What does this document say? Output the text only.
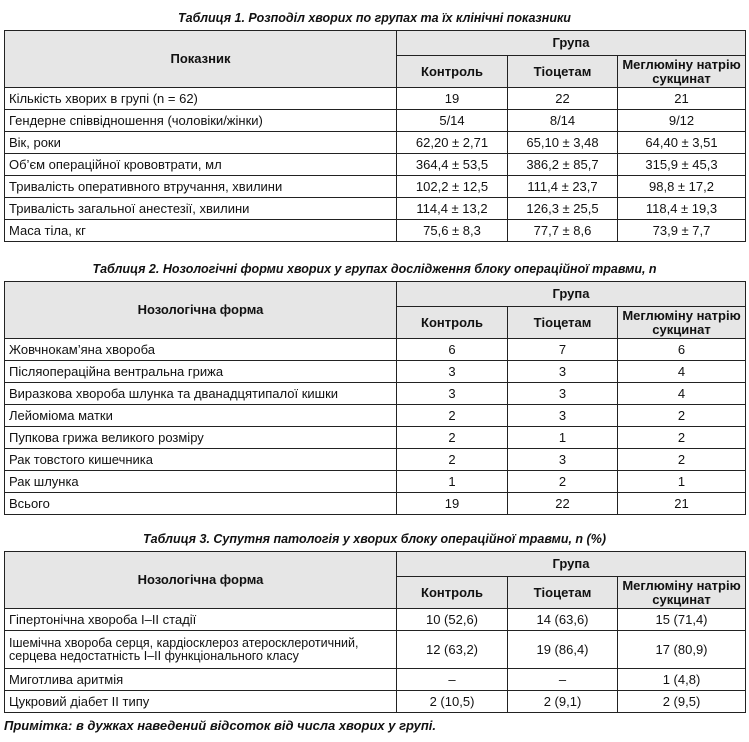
Таблиця 1. Розподіл хворих по групах та їх клінічні показники
Показник	Група		
	Контроль	Тіоцетам	Меглюміну натрію сукцинат
Кількість хворих в групі (n = 62)	19	22	21
Гендерне співвідношення (чоловіки/жінки)	5/14	8/14	9/12
Вік, роки	62,20 ± 2,71	65,10 ± 3,48	64,40 ± 3,51
Об’єм операційної крововтрати, мл	364,4 ± 53,5	386,2 ± 85,7	315,9 ± 45,3
Тривалість оперативного втручання, хвилини	102,2 ± 12,5	111,4 ± 23,7	98,8 ± 17,2
Тривалість загальної анестезії, хвилини	114,4 ± 13,2	126,3 ± 25,5	118,4 ± 19,3
Маса тіла, кг	75,6 ± 8,3	77,7 ± 8,6	73,9 ± 7,7
Таблиця 2. Нозологічні форми хворих у групах дослідження блоку операційної травми, n
Нозологічна форма	Група		
	Контроль	Тіоцетам	Меглюміну натрію сукцинат
Жовчнокам’яна хвороба	6	7	6
Післяопераційна вентральна грижа	3	3	4
Виразкова хвороба шлунка та дванадцятипалої кишки	3	3	4
Лейоміома матки	2	3	2
Пупкова грижа великого розміру	2	1	2
Рак товстого кишечника	2	3	2
Рак шлунка	1	2	1
Всього	19	22	21
Таблиця 3. Супутня патологія у хворих блоку операційної травми, n (%)
Нозологічна форма	Група		
	Контроль	Тіоцетам	Меглюміну натрію сукцинат
Гіпертонічна хвороба I–II стадії	10 (52,6)	14 (63,6)	15 (71,4)
Ішемічна хвороба серця, кардіосклероз атеросклеротичний, серцева недостатність I–II функціонального класу	12 (63,2)	19 (86,4)	17 (80,9)
Миготлива аритмія	–	–	1 (4,8)
Цукровий діабет II типу	2 (10,5)	2 (9,1)	2 (9,5)
Примітка: в дужках наведений відсоток від числа хворих у групі.
